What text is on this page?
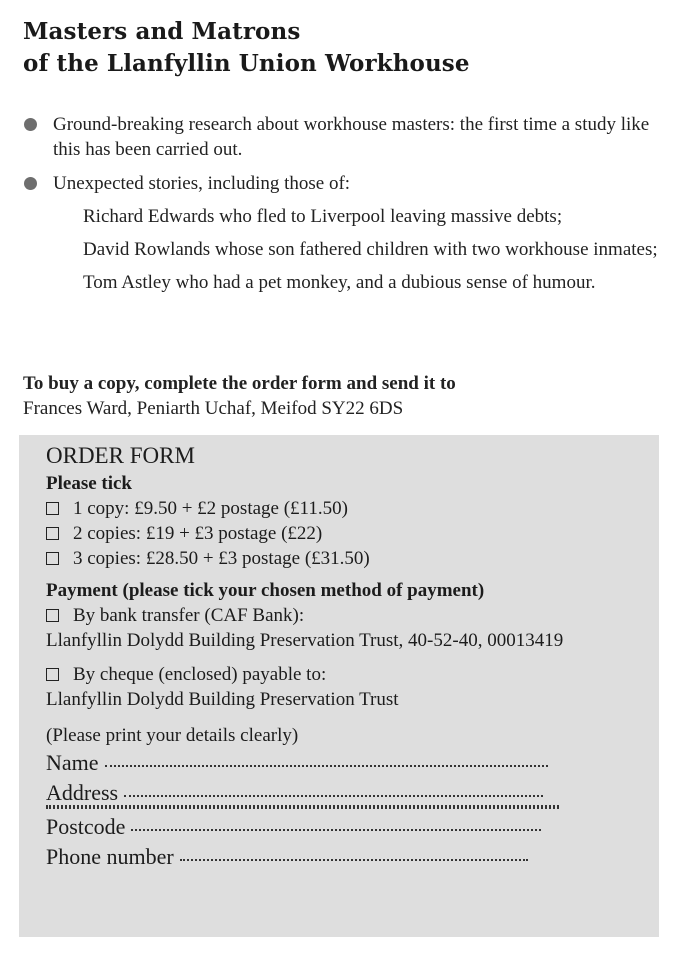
Masters and Matrons
of the Llanfyllin Union Workhouse
Ground-breaking research about workhouse masters: the first time a study like this has been carried out.
Unexpected stories, including those of:
Richard Edwards who fled to Liverpool leaving massive debts;
David Rowlands whose son fathered children with two workhouse inmates;
Tom Astley who had a pet monkey, and a dubious sense of humour.
To buy a copy, complete the order form and send it to
Frances Ward, Peniarth Uchaf, Meifod SY22 6DS
ORDER FORM
Please tick
1 copy: £9.50 + £2 postage (£11.50)
2 copies: £19 + £3 postage (£22)
3 copies: £28.50 + £3 postage (£31.50)
Payment (please tick your chosen method of payment)
By bank transfer (CAF Bank):
Llanfyllin Dolydd Building Preservation Trust, 40-52-40, 00013419
By cheque (enclosed) payable to:
Llanfyllin Dolydd Building Preservation Trust
(Please print your details clearly)
Name
Address
Postcode
Phone number
